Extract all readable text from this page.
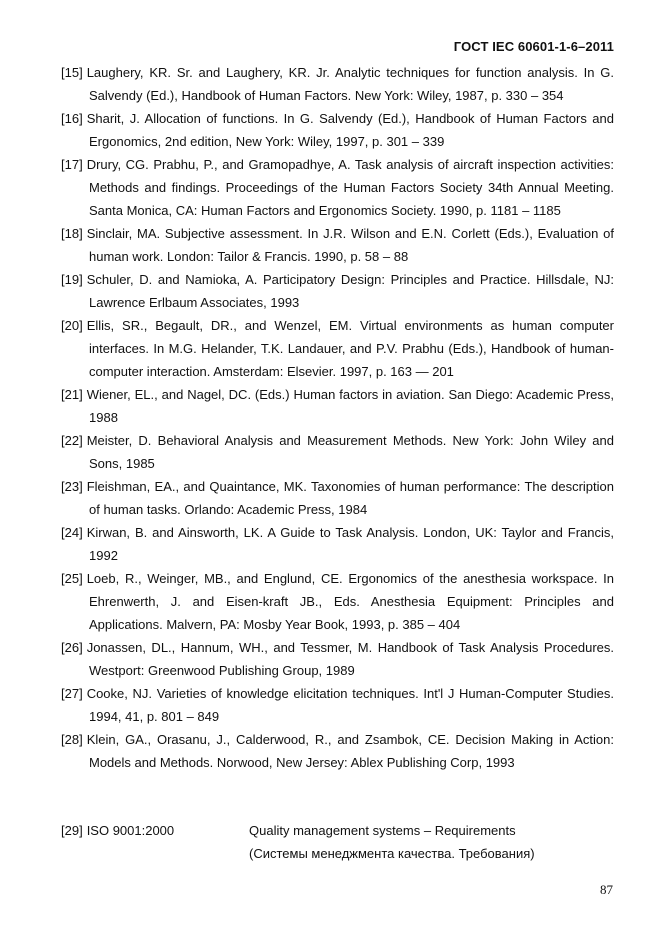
ГОСТ IEC 60601-1-6–2011
[15] Laughery, KR. Sr. and Laughery, KR. Jr. Analytic techniques for function analysis. In G. Salvendy (Ed.), Handbook of Human Factors. New York: Wiley, 1987, p. 330 – 354
[16] Sharit, J. Allocation of functions. In G. Salvendy (Ed.), Handbook of Human Factors and Ergonomics, 2nd edition, New York: Wiley, 1997, p. 301 – 339
[17] Drury, CG. Prabhu, P., and Gramopadhye, A. Task analysis of aircraft inspection activities: Methods and findings. Proceedings of the Human Factors Society 34th Annual Meeting. Santa Monica, CA: Human Factors and Ergonomics Society. 1990, p. 1181 – 1185
[18] Sinclair, MA. Subjective assessment. In J.R. Wilson and E.N. Corlett (Eds.), Evaluation of human work. London: Tailor & Francis. 1990, p. 58 – 88
[19] Schuler, D. and Namioka, A. Participatory Design: Principles and Practice. Hillsdale, NJ: Lawrence Erlbaum Associates, 1993
[20] Ellis, SR., Begault, DR., and Wenzel, EM. Virtual environments as human computer interfaces. In M.G. Helander, T.K. Landauer, and P.V. Prabhu (Eds.), Handbook of human-computer interaction. Amsterdam: Elsevier. 1997, p. 163 — 201
[21] Wiener, EL., and Nagel, DC. (Eds.) Human factors in aviation. San Diego: Academic Press, 1988
[22] Meister, D. Behavioral Analysis and Measurement Methods. New York: John Wiley and Sons, 1985
[23] Fleishman, EA., and Quaintance, MK. Taxonomies of human performance: The description of human tasks. Orlando: Academic Press, 1984
[24] Kirwan, B. and Ainsworth, LK. A Guide to Task Analysis. London, UK: Taylor and Francis, 1992
[25] Loeb, R., Weinger, MB., and Englund, CE. Ergonomics of the anesthesia workspace. In Ehrenwerth, J. and Eisen-kraft JB., Eds. Anesthesia Equipment: Principles and Applications. Malvern, PA: Mosby Year Book, 1993, p. 385 – 404
[26] Jonassen, DL., Hannum, WH., and Tessmer, M. Handbook of Task Analysis Procedures. Westport: Greenwood Publishing Group, 1989
[27] Cooke, NJ. Varieties of knowledge elicitation techniques. Int'l J Human-Computer Studies. 1994, 41, p. 801 – 849
[28] Klein, GA., Orasanu, J., Calderwood, R., and Zsambok, CE. Decision Making in Action: Models and Methods. Norwood, New Jersey: Ablex Publishing Corp, 1993
[29] ISO 9001:2000	Quality management systems – Requirements
(Системы менеджмента качества. Требования)
87
